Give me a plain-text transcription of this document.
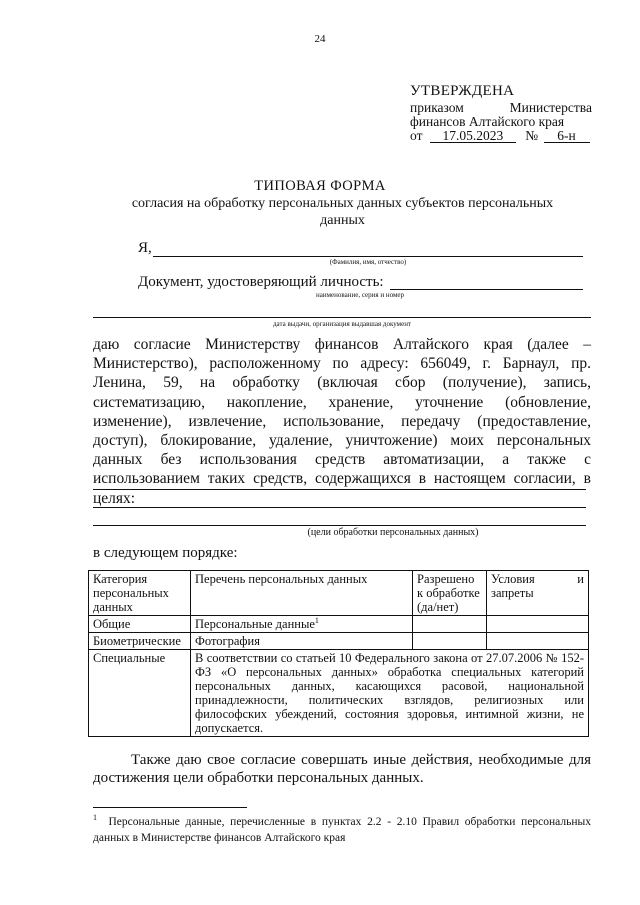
24
УТВЕРЖДЕНА
приказом	Министерства
финансов Алтайского края
от 17.05.2023 № 6-н
ТИПОВАЯ ФОРМА
согласия на обработку персональных данных субъектов персональных данных
Я,
(Фамилия, имя, отчество)
Документ, удостоверяющий личность:
наименование, серия и номер
дата выдачи, организация выдавшая документ
даю согласие Министерству финансов Алтайского края (далее – Министерство), расположенному по адресу: 656049, г. Барнаул, пр. Ленина, 59, на обработку (включая сбор (получение), запись, систематизацию, накопление, хранение, уточнение (обновление, изменение), извлечение, использование, передачу (предоставление, доступ), блокирование, удаление, уничтожение) моих персональных данных без использования средств автоматизации, а также с использованием таких средств, содержащихся в настоящем согласии, в целях:
(цели обработки персональных данных)
в следующем порядке:
Категория персональных данных	Перечень персональных данных	Разрешено к обработке (да/нет)	Условия и запреты
Общие	Персональные данные$^1$		
Биометрические	Фотография		
Специальные	В соответствии со статьей 10 Федерального закона от 27.07.2006 № 152-ФЗ «О персональных данных» обработка специальных категорий персональных данных, касающихся расовой, национальной принадлежности, политических взглядов, религиозных или философских убеждений, состояния здоровья, интимной жизни, не допускается.		
Также даю свое согласие совершать иные действия, необходимые для достижения цели обработки персональных данных.
$^1$ Персональные данные, перечисленные в пунктах 2.2 - 2.10 Правил обработки персональных данных в Министерстве финансов Алтайского края
